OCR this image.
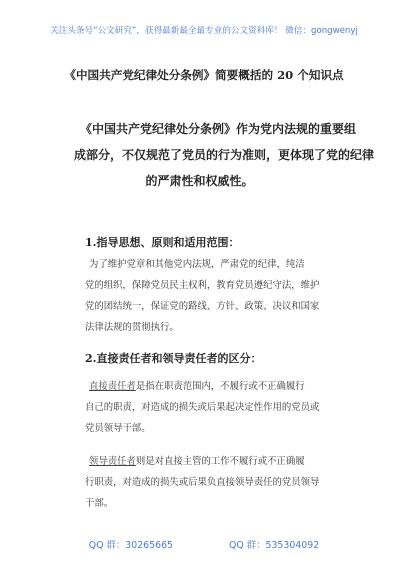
关注头条号“公文研究”，获得最新最全最专业的公文资料库！ 微信：gongwenyj
《中国共产党纪律处分条例》简要概括的 20 个知识点
《中国共产党纪律处分条例》作为党内法规的重要组
成部分，不仅规范了党员的行为准则，更体现了党的纪律
的严肃性和权威性。
1.指导思想、原则和适用范围：
为了维护党章和其他党内法规，严肃党的纪律，纯洁
党的组织，保障党员民主权利，教育党员遵纪守法，维护
党的团结统一，保证党的路线、方针、政策、决议和国家
法律法规的贯彻执行。
2.直接责任者和领导责任者的区分：
直接责任者是指在职责范围内，不履行或不正确履行
自己的职责，对造成的损失或后果起决定性作用的党员或
党员领导干部。
领导责任者则是对直接主管的工作不履行或不正确履
行职责，对造成的损失或后果负直接领导责任的党员领导
干部。
QQ 群：30265665	QQ 群：535304092
